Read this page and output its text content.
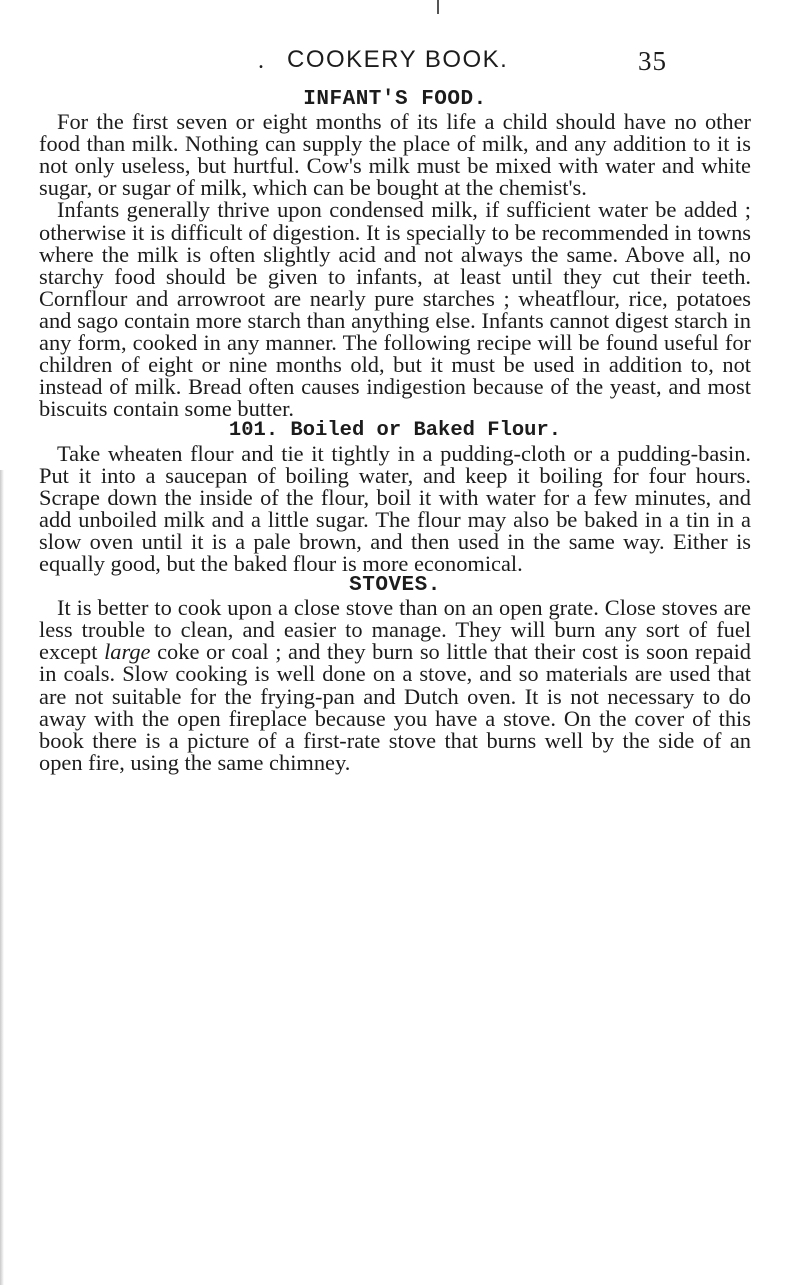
. COOKERY BOOK.	35
INFANT'S FOOD.

For the first seven or eight months of its life a child should have no other food than milk. Nothing can supply the place of milk, and any addition to it is not only useless, but hurtful. Cow's milk must be mixed with water and white sugar, or sugar of milk, which can be bought at the chemist's.

Infants generally thrive upon condensed milk, if sufficient water be added ; otherwise it is difficult of digestion. It is specially to be recommended in towns where the milk is often slightly acid and not always the same. Above all, no starchy food should be given to infants, at least until they cut their teeth. Cornflour and arrowroot are nearly pure starches ; wheatflour, rice, potatoes and sago contain more starch than anything else. Infants cannot digest starch in any form, cooked in any manner. The following recipe will be found useful for children of eight or nine months old, but it must be used in addition to, not instead of milk. Bread often causes indigestion because of the yeast, and most biscuits contain some butter.

101. Boiled or Baked Flour.

Take wheaten flour and tie it tightly in a pudding-cloth or a pudding-basin. Put it into a saucepan of boiling water, and keep it boiling for four hours. Scrape down the inside of the flour, boil it with water for a few minutes, and add unboiled milk and a little sugar. The flour may also be baked in a tin in a slow oven until it is a pale brown, and then used in the same way. Either is equally good, but the baked flour is more economical.

STOVES.

It is better to cook upon a close stove than on an open grate. Close stoves are less trouble to clean, and easier to manage. They will burn any sort of fuel except large coke or coal ; and they burn so little that their cost is soon repaid in coals. Slow cooking is well done on a stove, and so materials are used that are not suitable for the frying-pan and Dutch oven. It is not necessary to do away with the open fireplace because you have a stove. On the cover of this book there is a picture of a first-rate stove that burns well by the side of an open fire, using the same chimney.
